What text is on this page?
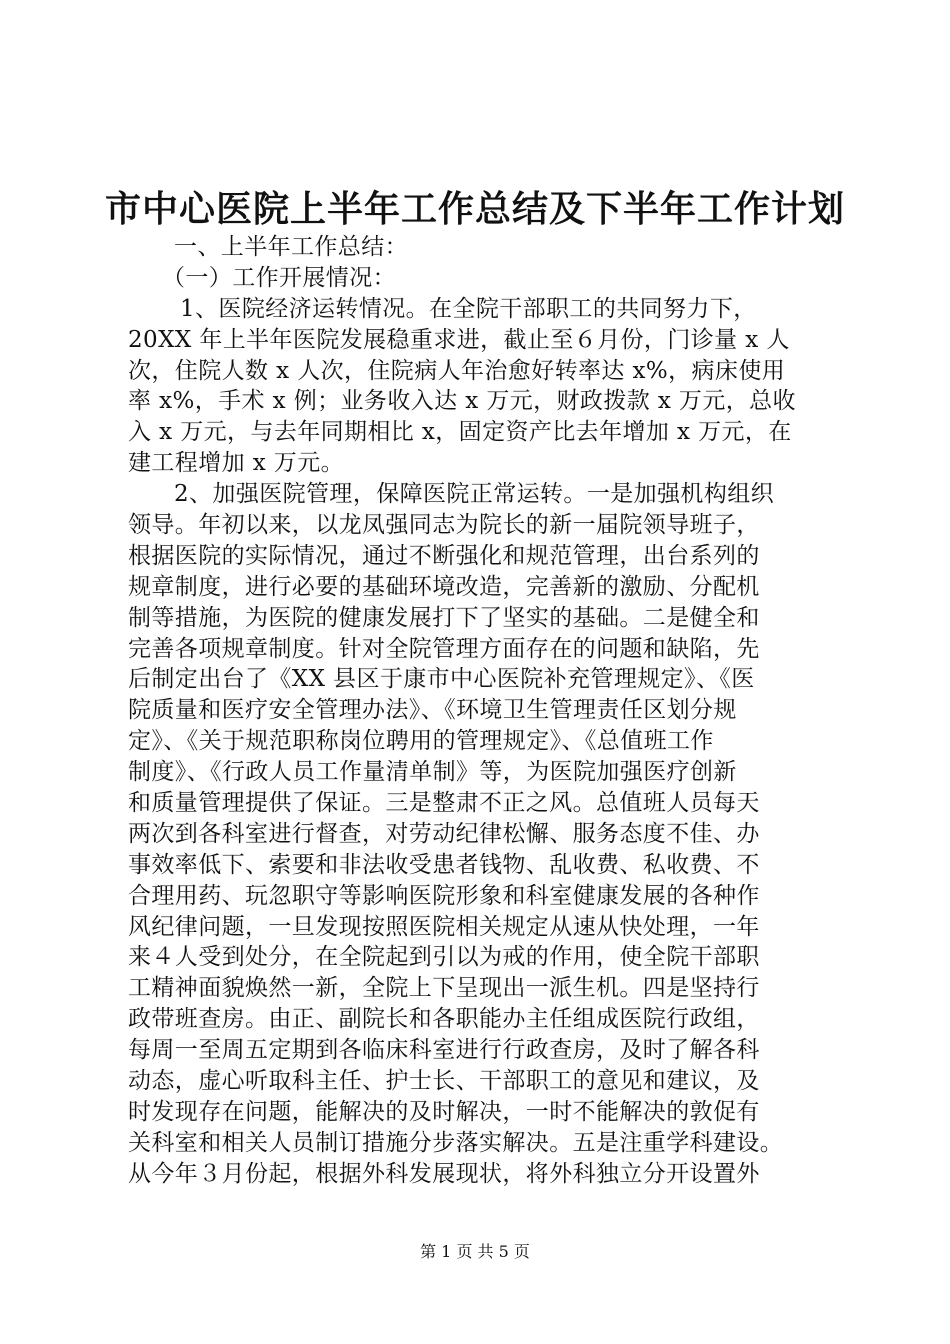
市中心医院上半年工作总结及下半年工作计划
一、上半年工作总结：
（一）工作开展情况：
1、医院经济运转情况。在全院干部职工的共同努力下，
20XX 年上半年医院发展稳重求进，截止至６月份，门诊量 x 人
次，住院人数 x 人次，住院病人年治愈好转率达 x%，病床使用
率 x%，手术 x 例；业务收入达 x 万元，财政拨款 x 万元，总收
入 x 万元，与去年同期相比 x，固定资产比去年增加 x 万元，在
建工程增加 x 万元。
2、加强医院管理，保障医院正常运转。一是加强机构组织
领导。年初以来，以龙凤强同志为院长的新一届院领导班子，
根据医院的实际情况，通过不断强化和规范管理，出台系列的
规章制度，进行必要的基础环境改造，完善新的激励、分配机
制等措施，为医院的健康发展打下了坚实的基础。二是健全和
完善各项规章制度。针对全院管理方面存在的问题和缺陷，先
后制定出台了《XX 县区于康市中心医院补充管理规定》、《医
院质量和医疗安全管理办法》、《环境卫生管理责任区划分规
定》、《关于规范职称岗位聘用的管理规定》、《总值班工作
制度》、《行政人员工作量清单制》等，为医院加强医疗创新
和质量管理提供了保证。三是整肃不正之风。总值班人员每天
两次到各科室进行督查，对劳动纪律松懈、服务态度不佳、办
事效率低下、索要和非法收受患者钱物、乱收费、私收费、不
合理用药、玩忽职守等影响医院形象和科室健康发展的各种作
风纪律问题，一旦发现按照医院相关规定从速从快处理，一年
来４人受到处分，在全院起到引以为戒的作用，使全院干部职
工精神面貌焕然一新，全院上下呈现出一派生机。四是坚持行
政带班查房。由正、副院长和各职能办主任组成医院行政组，
每周一至周五定期到各临床科室进行行政查房，及时了解各科
动态，虚心听取科主任、护士长、干部职工的意见和建议，及
时发现存在问题，能解决的及时解决，一时不能解决的敦促有
关科室和相关人员制订措施分步落实解决。五是注重学科建设。
从今年３月份起，根据外科发展现状，将外科独立分开设置外
第 1 页 共 5 页
